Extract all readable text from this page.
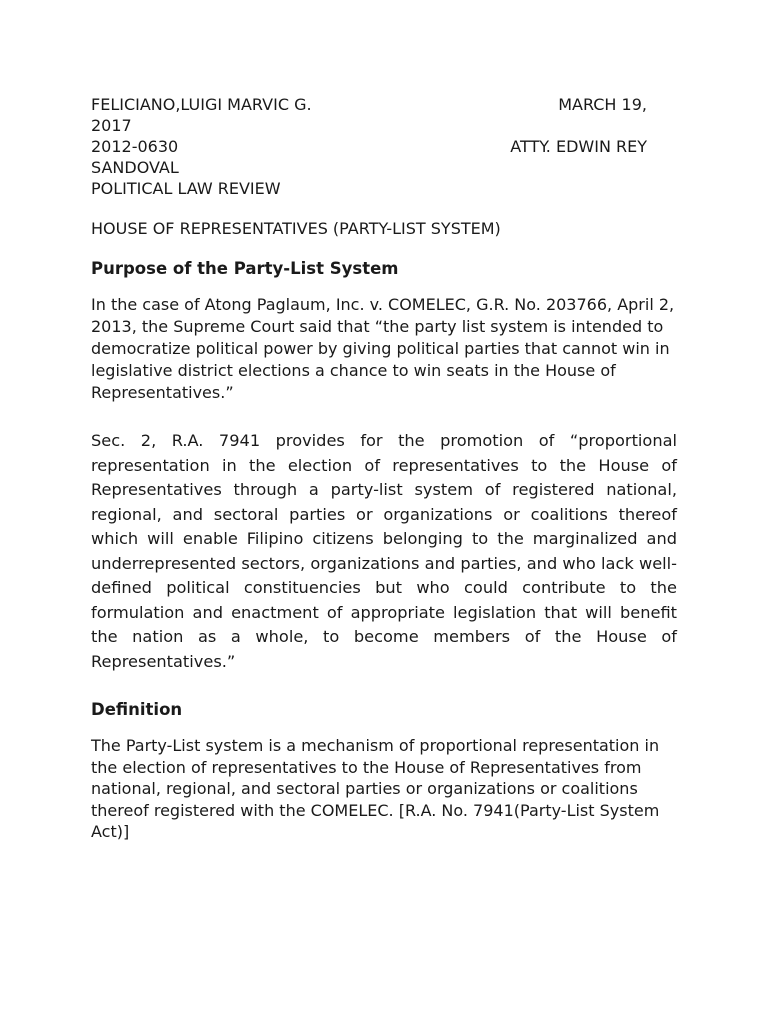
FELICIANO,LUIGI MARVIC G.	MARCH 19,
2017
2012-0630	ATTY. EDWIN REY
SANDOVAL
POLITICAL LAW REVIEW
HOUSE OF REPRESENTATIVES (PARTY-LIST SYSTEM)
Purpose of the Party-List System

In the case of Atong Paglaum, Inc. v. COMELEC, G.R. No. 203766, April 2, 2013, the Supreme Court said that “the party list system is intended to democratize political power by giving political parties that cannot win in legislative district elections a chance to win seats in the House of Representatives.”

Sec. 2, R.A. 7941 provides for the promotion of “proportional representation in the election of representatives to the House of Representatives through a party-list system of registered national, regional, and sectoral parties or organizations or coalitions thereof which will enable Filipino citizens belonging to the marginalized and underrepresented sectors, organizations and parties, and who lack well-defined political constituencies but who could contribute to the formulation and enactment of appropriate legislation that will benefit the nation as a whole, to become members of the House of Representatives.”

Definition

The Party-List system is a mechanism of proportional representation in the election of representatives to the House of Representatives from national, regional, and sectoral parties or organizations or coalitions thereof registered with the COMELEC. [R.A. No. 7941(Party-List System Act)]
